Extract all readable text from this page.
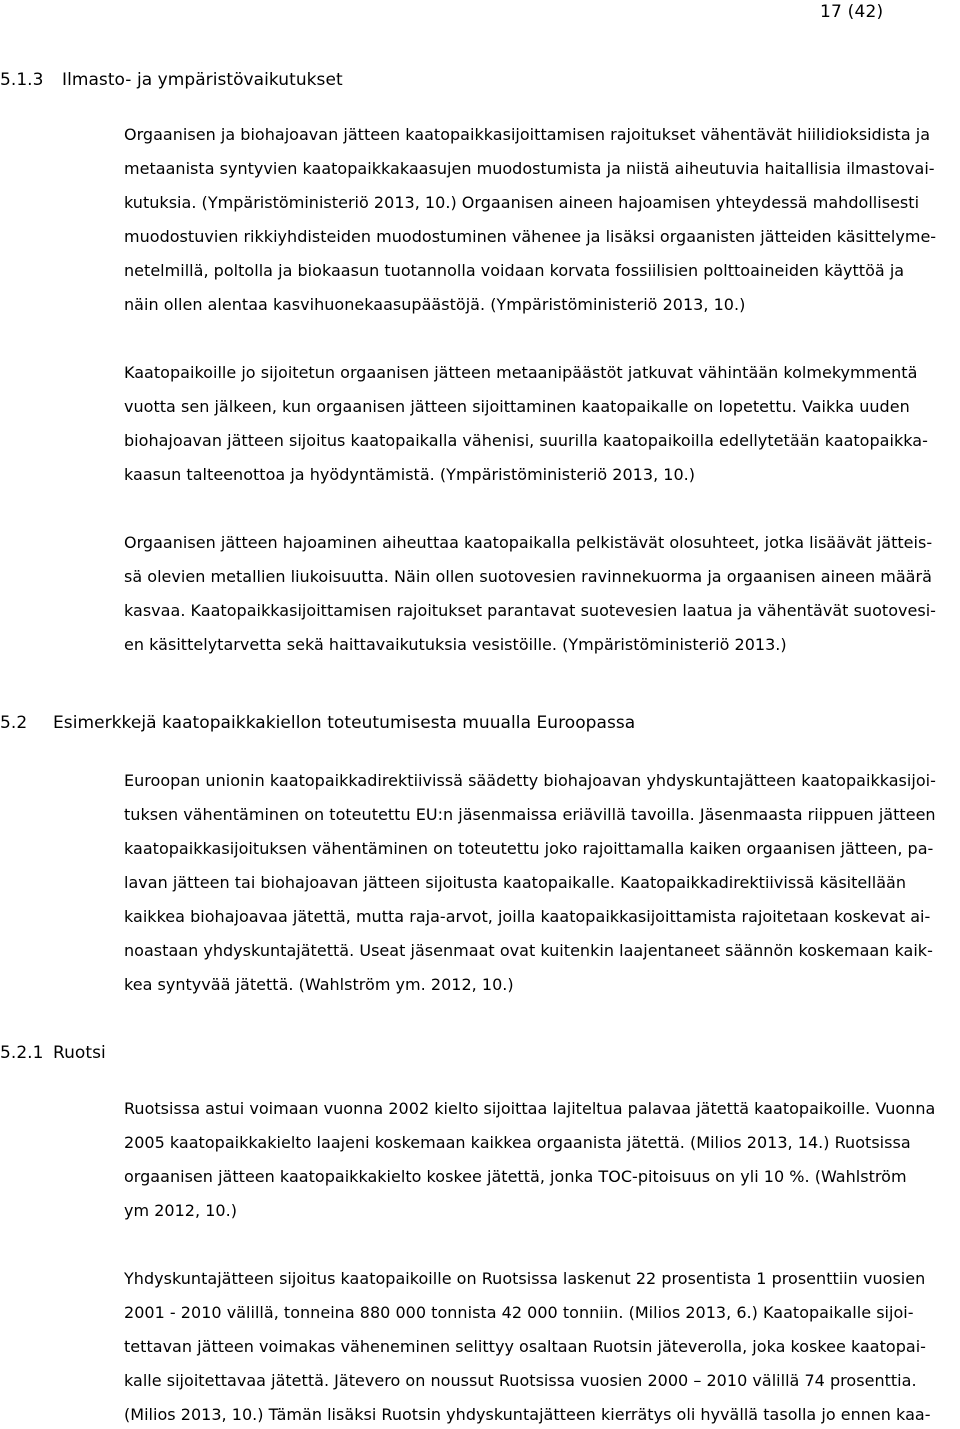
17 (42)
5.1.3 Ilmasto- ja ympäristövaikutukset
Orgaanisen ja biohajoavan jätteen kaatopaikkasijoittamisen rajoitukset vähentävät hiilidioksidista ja
metaanista syntyvien kaatopaikkakaasujen muodostumista ja niistä aiheutuvia haitallisia ilmastovai-
kutuksia. (Ympäristöministeriö 2013, 10.) Orgaanisen aineen hajoamisen yhteydessä mahdollisesti
muodostuvien rikkiyhdisteiden muodostuminen vähenee ja lisäksi orgaanisten jätteiden käsittelyme-
netelmillä, poltolla ja biokaasun tuotannolla voidaan korvata fossiilisien polttoaineiden käyttöä ja
näin ollen alentaa kasvihuonekaasupäästöjä. (Ympäristöministeriö 2013, 10.)
Kaatopaikoille jo sijoitetun orgaanisen jätteen metaanipäästöt jatkuvat vähintään kolmekymmentä
vuotta sen jälkeen, kun orgaanisen jätteen sijoittaminen kaatopaikalle on lopetettu. Vaikka uuden
biohajoavan jätteen sijoitus kaatopaikalla vähenisi, suurilla kaatopaikoilla edellytetään kaatopaikka-
kaasun talteenottoa ja hyödyntämistä. (Ympäristöministeriö 2013, 10.)
Orgaanisen jätteen hajoaminen aiheuttaa kaatopaikalla pelkistävät olosuhteet, jotka lisäävät jätteis-
sä olevien metallien liukoisuutta. Näin ollen suotovesien ravinnekuorma ja orgaanisen aineen määrä
kasvaa. Kaatopaikkasijoittamisen rajoitukset parantavat suotevesien laatua ja vähentävät suotovesi-
en käsittelytarvetta sekä haittavaikutuksia vesistöille. (Ympäristöministeriö 2013.)
5.2 Esimerkkejä kaatopaikkakiellon toteutumisesta muualla Euroopassa
Euroopan unionin kaatopaikkadirektiivissä säädetty biohajoavan yhdyskuntajätteen kaatopaikkasijoi-
tuksen vähentäminen on toteutettu EU:n jäsenmaissa eriävillä tavoilla. Jäsenmaasta riippuen jätteen
kaatopaikkasijoituksen vähentäminen on toteutettu joko rajoittamalla kaiken orgaanisen jätteen, pa-
lavan jätteen tai biohajoavan jätteen sijoitusta kaatopaikalle. Kaatopaikkadirektiivissä käsitellään
kaikkea biohajoavaa jätettä, mutta raja-arvot, joilla kaatopaikkasijoittamista rajoitetaan koskevat ai-
noastaan yhdyskuntajätettä. Useat jäsenmaat ovat kuitenkin laajentaneet säännön koskemaan kaik-
kea syntyvää jätettä. (Wahlström ym. 2012, 10.)
5.2.1 Ruotsi
Ruotsissa astui voimaan vuonna 2002 kielto sijoittaa lajiteltua palavaa jätettä kaatopaikoille. Vuonna
2005 kaatopaikkakielto laajeni koskemaan kaikkea orgaanista jätettä. (Milios 2013, 14.) Ruotsissa
orgaanisen jätteen kaatopaikkakielto koskee jätettä, jonka TOC-pitoisuus on yli 10 %. (Wahlström
ym 2012, 10.)
Yhdyskuntajätteen sijoitus kaatopaikoille on Ruotsissa laskenut 22 prosentista 1 prosenttiin vuosien
2001 - 2010 välillä, tonneina 880 000 tonnista 42 000 tonniin. (Milios 2013, 6.) Kaatopaikalle sijoi-
tettavan jätteen voimakas väheneminen selittyy osaltaan Ruotsin jäteverolla, joka koskee kaatopai-
kalle sijoitettavaa jätettä. Jätevero on noussut Ruotsissa vuosien 2000 – 2010 välillä 74 prosenttia.
(Milios 2013, 10.) Tämän lisäksi Ruotsin yhdyskuntajätteen kierrätys oli hyvällä tasolla jo ennen kaa-
